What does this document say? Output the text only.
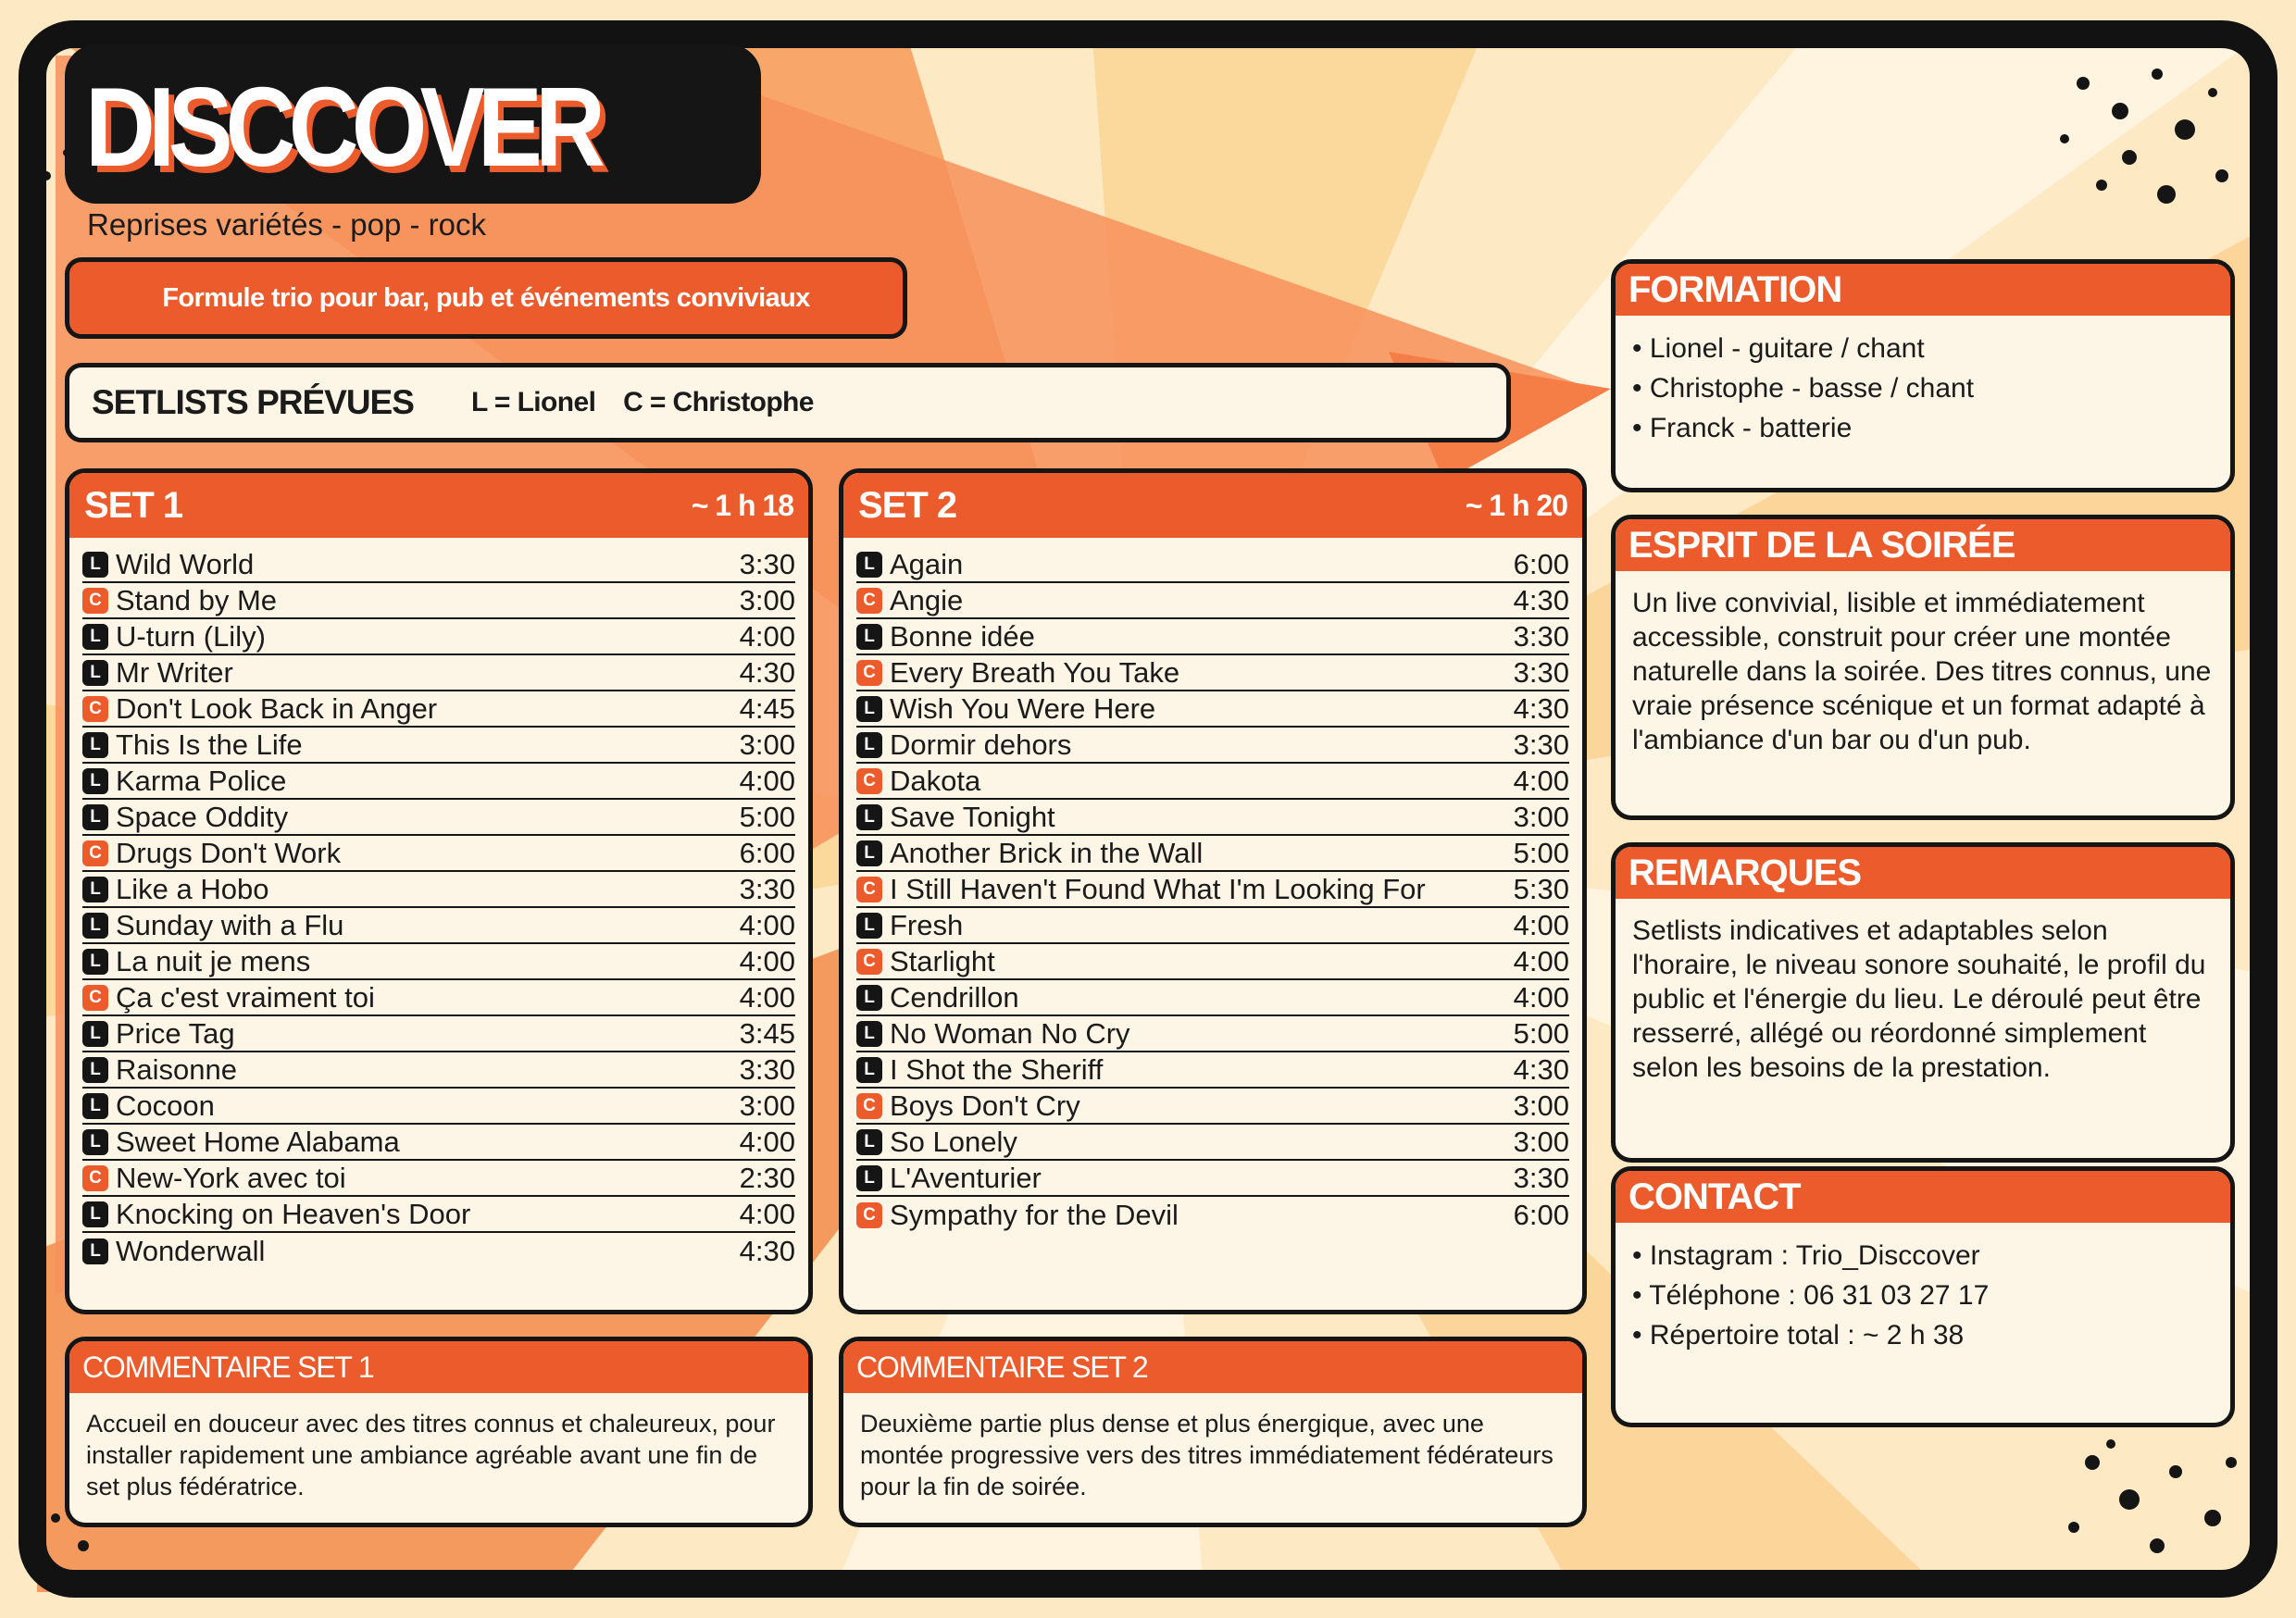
DISCCOVER
Reprises variétés - pop - rock
Formule trio pour bar, pub et événements conviviaux
SETLISTS PRÉVUES	L = Lionel C = Christophe
SET 1	~ 1 h 18
L Wild World	3:30
C Stand by Me	3:00
L U-turn (Lily)	4:00
L Mr Writer	4:30
C Don't Look Back in Anger	4:45
L This Is the Life	3:00
L Karma Police	4:00
L Space Oddity	5:00
C Drugs Don't Work	6:00
L Like a Hobo	3:30
L Sunday with a Flu	4:00
L La nuit je mens	4:00
C Ça c'est vraiment toi	4:00
L Price Tag	3:45
L Raisonne	3:30
L Cocoon	3:00
L Sweet Home Alabama	4:00
C New-York avec toi	2:30
L Knocking on Heaven's Door	4:00
L Wonderwall	4:30
SET 2	~ 1 h 20
L Again	6:00
C Angie	4:30
L Bonne idée	3:30
C Every Breath You Take	3:30
L Wish You Were Here	4:30
L Dormir dehors	3:30
C Dakota	4:00
L Save Tonight	3:00
L Another Brick in the Wall	5:00
C I Still Haven't Found What I'm Looking For	5:30
L Fresh	4:00
C Starlight	4:00
L Cendrillon	4:00
L No Woman No Cry	5:00
L I Shot the Sheriff	4:30
C Boys Don't Cry	3:00
L So Lonely	3:00
L L'Aventurier	3:30
C Sympathy for the Devil	6:00
COMMENTAIRE SET 1

Accueil en douceur avec des titres connus et chaleureux, pour installer rapidement une ambiance agréable avant une fin de set plus fédératrice.

COMMENTAIRE SET 2

Deuxième partie plus dense et plus énergique, avec une montée progressive vers des titres immédiatement fédérateurs pour la fin de soirée.

FORMATION
• Lionel - guitare / chant
• Christophe - basse / chant
• Franck - batterie
ESPRIT DE LA SOIRÉE

Un live convivial, lisible et immédiatement accessible, construit pour créer une montée naturelle dans la soirée. Des titres connus, une vraie présence scénique et un format adapté à l'ambiance d'un bar ou d'un pub.

REMARQUES

Setlists indicatives et adaptables selon l'horaire, le niveau sonore souhaité, le profil du public et l'énergie du lieu. Le déroulé peut être resserré, allégé ou réordonné simplement selon les besoins de la prestation.

CONTACT
• Instagram : Trio_Disccover
• Téléphone : 06 31 03 27 17
• Répertoire total : ~ 2 h 38
